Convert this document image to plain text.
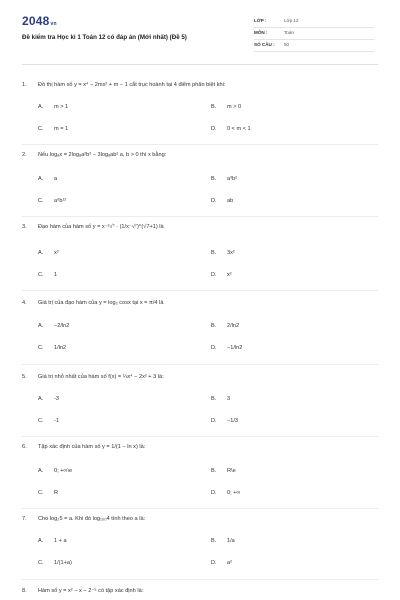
2048vn
Đề kiểm tra Học kì 1 Toán 12 có đáp án (Mới nhất) (Đề 5)
LỚP :	Lớp 12
MÔN :	Toán
SỐ CÂU : 50
1. Đồ thị hàm số y = x⁴ − 2mx² + m − 1 cắt trục hoành tại 4 điểm phân biệt khi:
A. m > 1	B. m > 0
C. m = 1	D. 0 < m < 1
2. Nếu logₐx = 2logₐa²b³ − 3logₐab² a, b > 0 thì x bằng:
A. a	B. a³b²
C. a⁶b¹²	D. ab
3. Đạo hàm của hàm số y = x⁻²√⁷ · (1/x⁻√⁷)^(√7+1) là
A. x³	B. 3x²
C. 1	D. x²
4. Giá trị của đạo hàm của y = log₂ cosx tại x = π/4 là
A. −2/ln2	B. 2/ln2
C. 1/ln2	D. −1/ln2
5. Giá trị nhỏ nhất của hàm số f(x) = ¼x⁴ − 2x² + 3 là:
A. -3	B. 3
C. -1	D. −1/3
6. Tập xác định của hàm số y = 1/(1 − ln x) là:
A. 0; +∞\e	B. R\e
C. R	D. 0; +∞
7. Cho log₂5 = a. Khi đó log₁₀₀4 tính theo a là:
A. 1 + a	B. 1/a
C. 1/(1+a)	D. a²
8. Hàm số y = x² − x − 2⁻⁵ có tập xác định là:
